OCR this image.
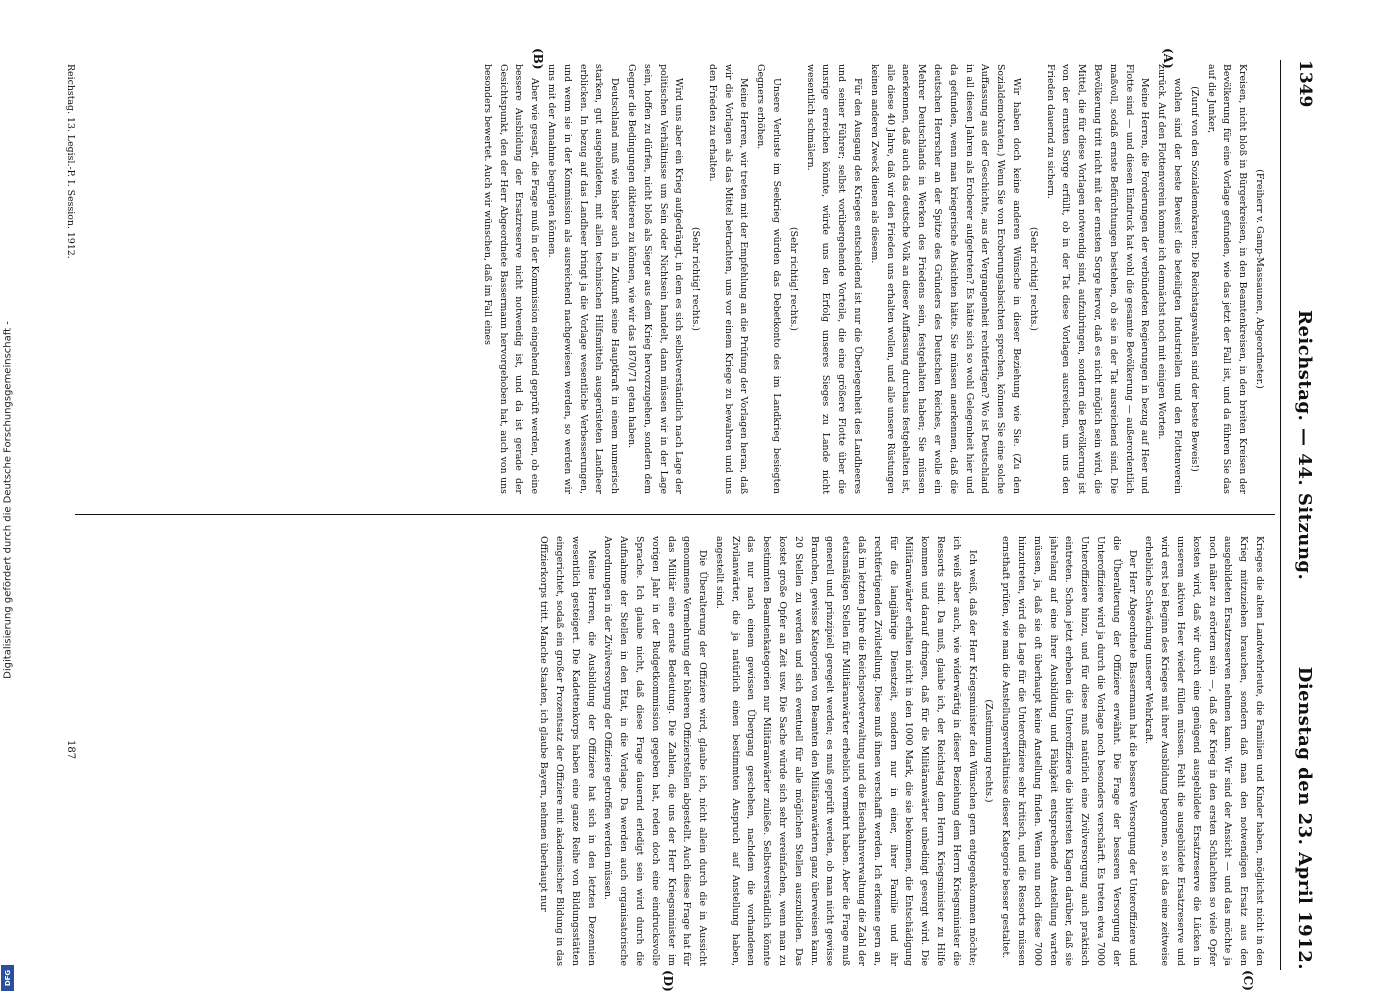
Digitalisierung gefördert durch die Deutsche Forschungsgemeinschaft -
DFG
1349
Reichstag. — 44. Sitzung.
Dienstag den 23. April 1912.
(A)
(B)
(C)
(D)

(Freiherr v. Gamp-Massaunen, Abgeordneter.)

Kreisen, nicht bloß in Bürgerkreisen, in den Beamtenkreisen, in den breiten Kreisen der Bevölkerung für eine Vorlage gefunden, wie das jetzt der Fall ist, und da führen Sie das auf die Junker,

(Zuruf von den Sozialdemokraten: Die Reichstagswahlen sind der beste Beweis!)

wohlen sind der beste Beweis! die beteiligten Industriellen und den Flottenverein zurück. Auf den Flottenverein komme ich demnächst noch mit einigen Worten.

Meine Herren, die Forderungen der verbündeten Regierungen in bezug auf Heer und Flotte sind — und diesen Eindruck hat wohl die gesamte Bevölkerung — außerordentlich maßvoll, sodaß ernste Befürchtungen bestehen, ob sie in der Tat ausreichend sind. Die Bevölkerung tritt nicht mit der ernsten Sorge hervor, daß es nicht möglich sein wird, die Mittel, die für diese Vorlagen notwendig sind, aufzubringen, sondern die Bevölkerung ist von der ernsten Sorge erfüllt, ob in der Tat diese Vorlagen ausreichen, um uns den Frieden dauernd zu sichern.

(Sehr richtig! rechts.)

Wir haben doch keine anderen Wünsche in dieser Beziehung wie Sie. (Zu den Sozialdemokraten.) Wenn Sie von Eroberungsabsichten sprechen, können Sie eine solche Auffassung aus der Geschichte, aus der Vergangenheit rechtfertigen? Wo ist Deutschland in all diesen Jahren als Eroberer aufgetreten? Es hätte sich so wohl Gelegenheit hier und da gefunden, wenn man kriegerische Absichten hätte. Sie müssen anerkennen, daß die deutschen Herrscher an der Spitze des Gründers des Deutschen Reiches, er wolle ein Mehrer Deutschlands in Werken des Friedens sein, festgehalten haben; Sie müssen anerkennen, daß auch das deutsche Volk an dieser Auffassung durchaus festgehalten ist, alle diese 40 Jahre, daß wir den Frieden uns erhalten wollen, und alle unsere Rüstungen keinen anderen Zweck dienen als diesem.

Für den Ausgang des Krieges entscheidend ist nur die Überlegenheit des Landheeres und seiner Führer; selbst vorübergehende Vorteile, die eine größere Flotte über die unsrige erreichen könnte, würde uns den Erfolg unseres Sieges zu Lande nicht wesentlich schmälern.

(Sehr richtig! rechts.)

Unsere Verluste im Seekrieg würden das Debetkonto des im Landkrieg besiegten Gegners erhöhen.

Meine Herren, wir treten mit der Empfehlung an die Prüfung der Vorlagen heran, daß wir die Vorlagen als das Mittel betrachten, uns vor einem Kriege zu bewahren und uns den Frieden zu erhalten.

(Sehr richtig! rechts.)

Wird uns aber ein Krieg aufgedrängt, in dem es sich selbstverständlich nach Lage der politischen Verhältnisse um Sein oder Nichtsein handelt, dann müssen wir in der Lage sein, hoffen zu dürfen, nicht bloß als Sieger aus dem Krieg hervorzugehen, sondern dem Gegner die Bedingungen diktieren zu können, wie wir das 1870/71 getan haben.

Deutschland muß wie bisher auch in Zukunft seine Hauptkraft in einem numerisch starken, gut ausgebildeten, mit allen technischen Hilfsmitteln ausgerüsteten Landheer erblicken. In bezug auf das Landheer bringt ja die Vorlage wesentliche Verbesserungen, und wenn sie in der Kommission als ausreichend nachgewiesen werden, so werden wir uns mit der Annahme begnügen können.

Aber wie gesagt, die Frage muß in der Kommission eingehend geprüft werden, ob eine bessere Ausbildung der Ersatzreserve nicht notwendig ist, und da ist gerade der Gesichtspunkt, den der Herr Abgeordnete Bassermann hervorgehoben hat, auch von uns besonders bewertet. Auch wir wünschen, daß im Fall eines

Reichstag. 13. Legisl.-P. I. Session. 1912.

Krieges die alten Landwehrleute, die Familien und Kinder haben, möglichst nicht in den Krieg mitzuziehen brauchen, sondern daß man den notwendigen Ersatz aus den ausgebildeten Ersatzreserven nehmen kann. Wir sind der Ansicht — und das möchte ja noch näher zu erörtern sein —, daß der Krieg in den ersten Schlachten so viele Opfer kosten wird, daß wir durch eine genügend ausgebildete Ersatzreserve die Lücken in unserem aktiven Heer wieder füllen müssen. Fehlt die ausgebildete Ersatzreserve und wird erst bei Beginn des Krieges mit ihrer Ausbildung begonnen, so ist das eine zeitweise erhebliche Schwächung unserer Wehrkraft.

Der Herr Abgeordnete Bassermann hat die bessere Versorgung der Unteroffiziere und die Überalterung der Offiziere erwähnt. Die Frage der besseren Versorgung der Unteroffiziere wird ja durch die Vorlage noch besonders verschärft. Es treten etwa 7000 Unteroffiziere hinzu, und für diese muß natürlich eine Zivilversorgung auch praktisch eintreten. Schon jetzt erheben die Unteroffiziere die bittersten Klagen darüber, daß sie jahrelang auf eine ihrer Ausbildung und Fähigkeit entsprechende Anstellung warten müssen, ja, daß sie oft überhaupt keine Anstellung finden. Wenn nun noch diese 7000 hinzutreten, wird die Lage für die Unteroffiziere sehr kritisch, und die Ressorts müssen ernsthaft prüfen, wie man die Anstellungsverhältnisse dieser Kategorie besser gestaltet.

(Zustimmung rechts.)

Ich weiß, daß der Herr Kriegsminister den Wünschen gern entgegenkommen möchte; ich weiß aber auch, wie widerwärtig in dieser Beziehung dem Herrn Kriegsminister die Ressorts sind. Da muß, glaube ich, der Reichstag dem Herrn Kriegsminister zu Hilfe kommen und darauf dringen, daß für die Militäranwärter unbedingt gesorgt wird. Die Militäranwärter erhalten nicht in den 1000 Mark, die sie bekommen, die Entschädigung für die langjährige Dienstzeit, sondern nur in einer, ihrer Familie und ihr rechtfertigenden Zivilstellung. Diese muß ihnen verschafft werden. Ich erkenne gern an, daß im letzten Jahre die Reichspostverwaltung und die Eisenbahnverwaltung die Zahl der etatsmäßigen Stellen für Militäranwärter erheblich vermehrt haben. Aber die Frage muß generell und prinzipiell geregelt werden; es muß geprüft werden, ob man nicht gewisse Branchen, gewisse Kategorien von Beamten den Militäranwärtern ganz überweisen kann. 20 Stellen zu werden und sich eventuell für alle möglichen Stellen auszubilden. Das kostet große Opfer an Zeit usw. Die Sache würde sich sehr vereinfachen, wenn man zu bestimmten Beamtenkategorien nur Militäranwärter zuließe. Selbstverständlich könnte das nur nach einem gewissen Übergang geschehen, nachdem die vorhandenen Zivilanwärter, die ja natürlich einen bestimmten Anspruch auf Anstellung haben, angestellt sind.

Die Überalterung der Offiziere wird, glaube ich, nicht allein durch die in Aussicht genommene Vermehrung der höheren Offizierstellen abgestellt. Auch diese Frage hat für das Militär eine ernste Bedeutung. Die Zahlen, die uns der Herr Kriegsminister im vorigen Jahr in der Budgetkommission gegeben hat, reden doch eine eindrucksvolle Sprache. Ich glaube nicht, daß diese Frage dauernd erledigt sein wird durch die Aufnahme der Stellen in den Etat, in die Vorlage. Da werden auch organisatorische Anordnungen in der Zivilversorgung der Offiziere getroffen werden müssen.

Meine Herren, die Ausbildung der Offiziere hat sich in den letzten Dezennien wesentlich gesteigert. Die Kadettenkorps haben eine ganze Reihe von Bildungsstätten eingerichtet, sodaß ein großer Prozentsatz der Offiziere mit akademischer Bildung in das Offizierkorps tritt. Manche Staaten, ich glaube Bayern, nehmen überhaupt nur

187
